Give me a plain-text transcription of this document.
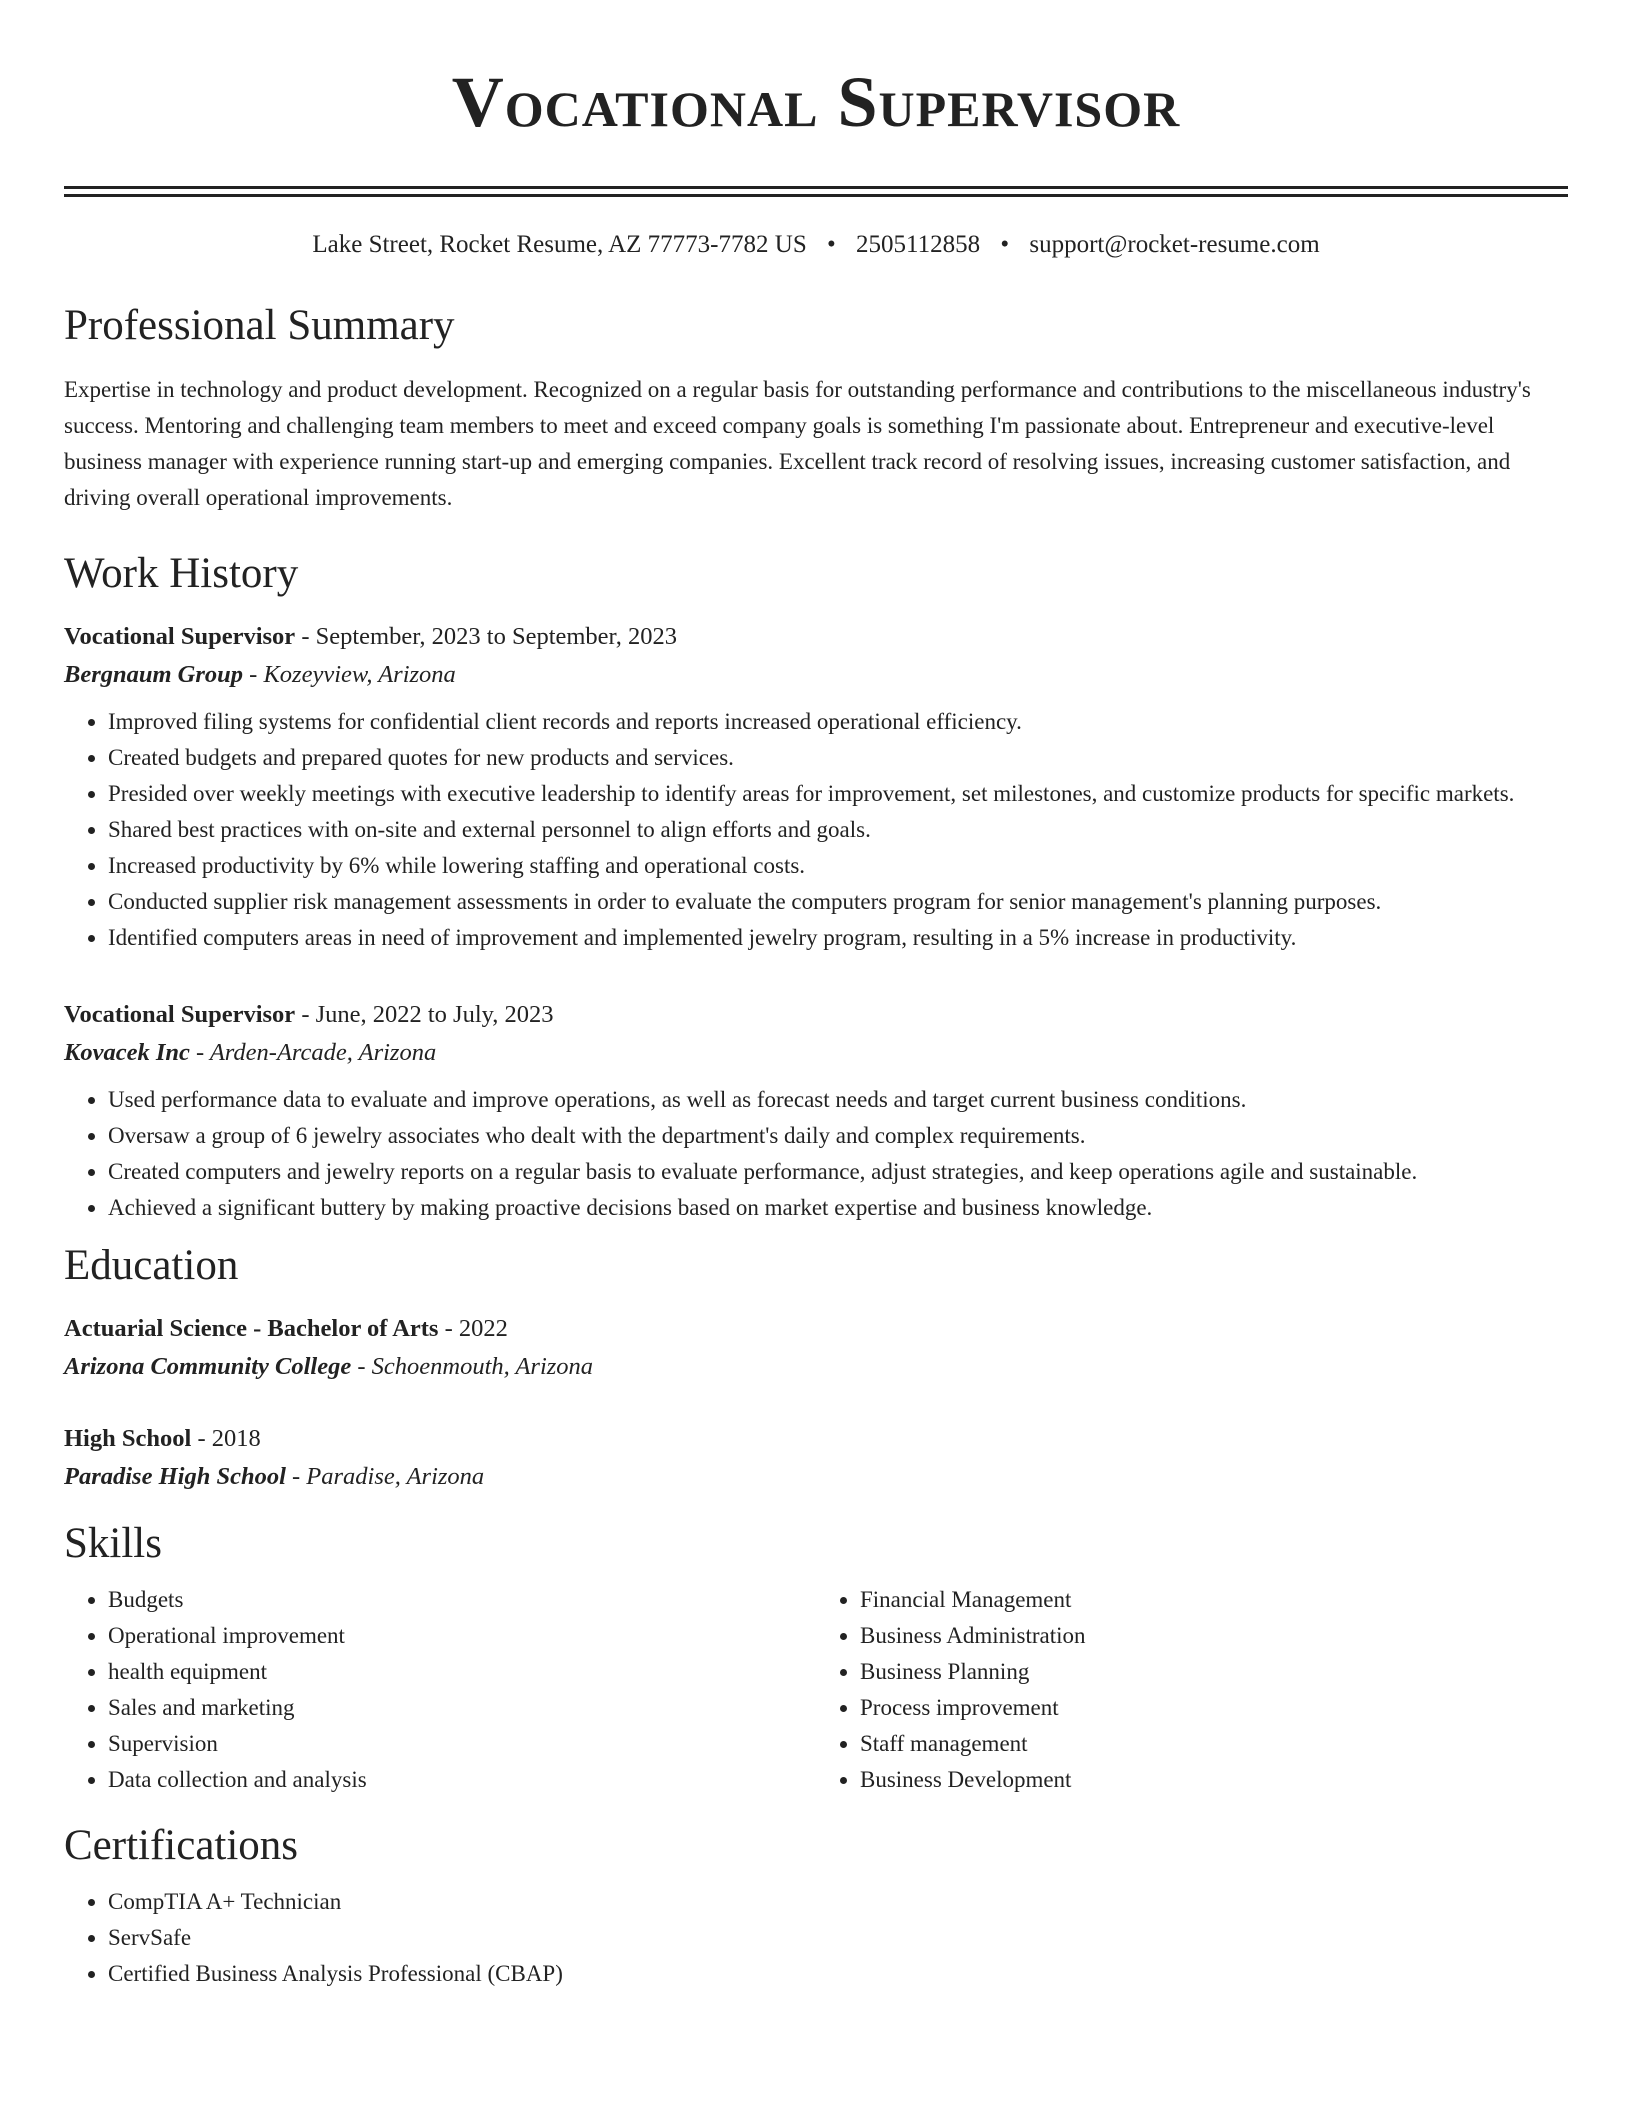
Vocational Supervisor
Lake Street, Rocket Resume, AZ 77773-7782 US • 2505112858 • support@rocket-resume.com
Professional Summary

Expertise in technology and product development. Recognized on a regular basis for outstanding performance and contributions to the miscellaneous industry's success. Mentoring and challenging team members to meet and exceed company goals is something I'm passionate about. Entrepreneur and executive-level business manager with experience running start-up and emerging companies. Excellent track record of resolving issues, increasing customer satisfaction, and driving overall operational improvements.

Work History
Vocational Supervisor - September, 2023 to September, 2023
Bergnaum Group - Kozeyview, Arizona
• Improved filing systems for confidential client records and reports increased operational efficiency.
• Created budgets and prepared quotes for new products and services.
• Presided over weekly meetings with executive leadership to identify areas for improvement, set milestones, and customize products for specific markets.
• Shared best practices with on-site and external personnel to align efforts and goals.
• Increased productivity by 6% while lowering staffing and operational costs.
• Conducted supplier risk management assessments in order to evaluate the computers program for senior management's planning purposes.
• Identified computers areas in need of improvement and implemented jewelry program, resulting in a 5% increase in productivity.
Vocational Supervisor - June, 2022 to July, 2023
Kovacek Inc - Arden-Arcade, Arizona
• Used performance data to evaluate and improve operations, as well as forecast needs and target current business conditions.
• Oversaw a group of 6 jewelry associates who dealt with the department's daily and complex requirements.
• Created computers and jewelry reports on a regular basis to evaluate performance, adjust strategies, and keep operations agile and sustainable.
• Achieved a significant buttery by making proactive decisions based on market expertise and business knowledge.
Education
Actuarial Science - Bachelor of Arts - 2022
Arizona Community College - Schoenmouth, Arizona
High School - 2018
Paradise High School - Paradise, Arizona
Skills
• Budgets
• Operational improvement
• health equipment
• Sales and marketing
• Supervision
• Data collection and analysis
• Financial Management
• Business Administration
• Business Planning
• Process improvement
• Staff management
• Business Development
Certifications
• CompTIA A+ Technician
• ServSafe
• Certified Business Analysis Professional (CBAP)
